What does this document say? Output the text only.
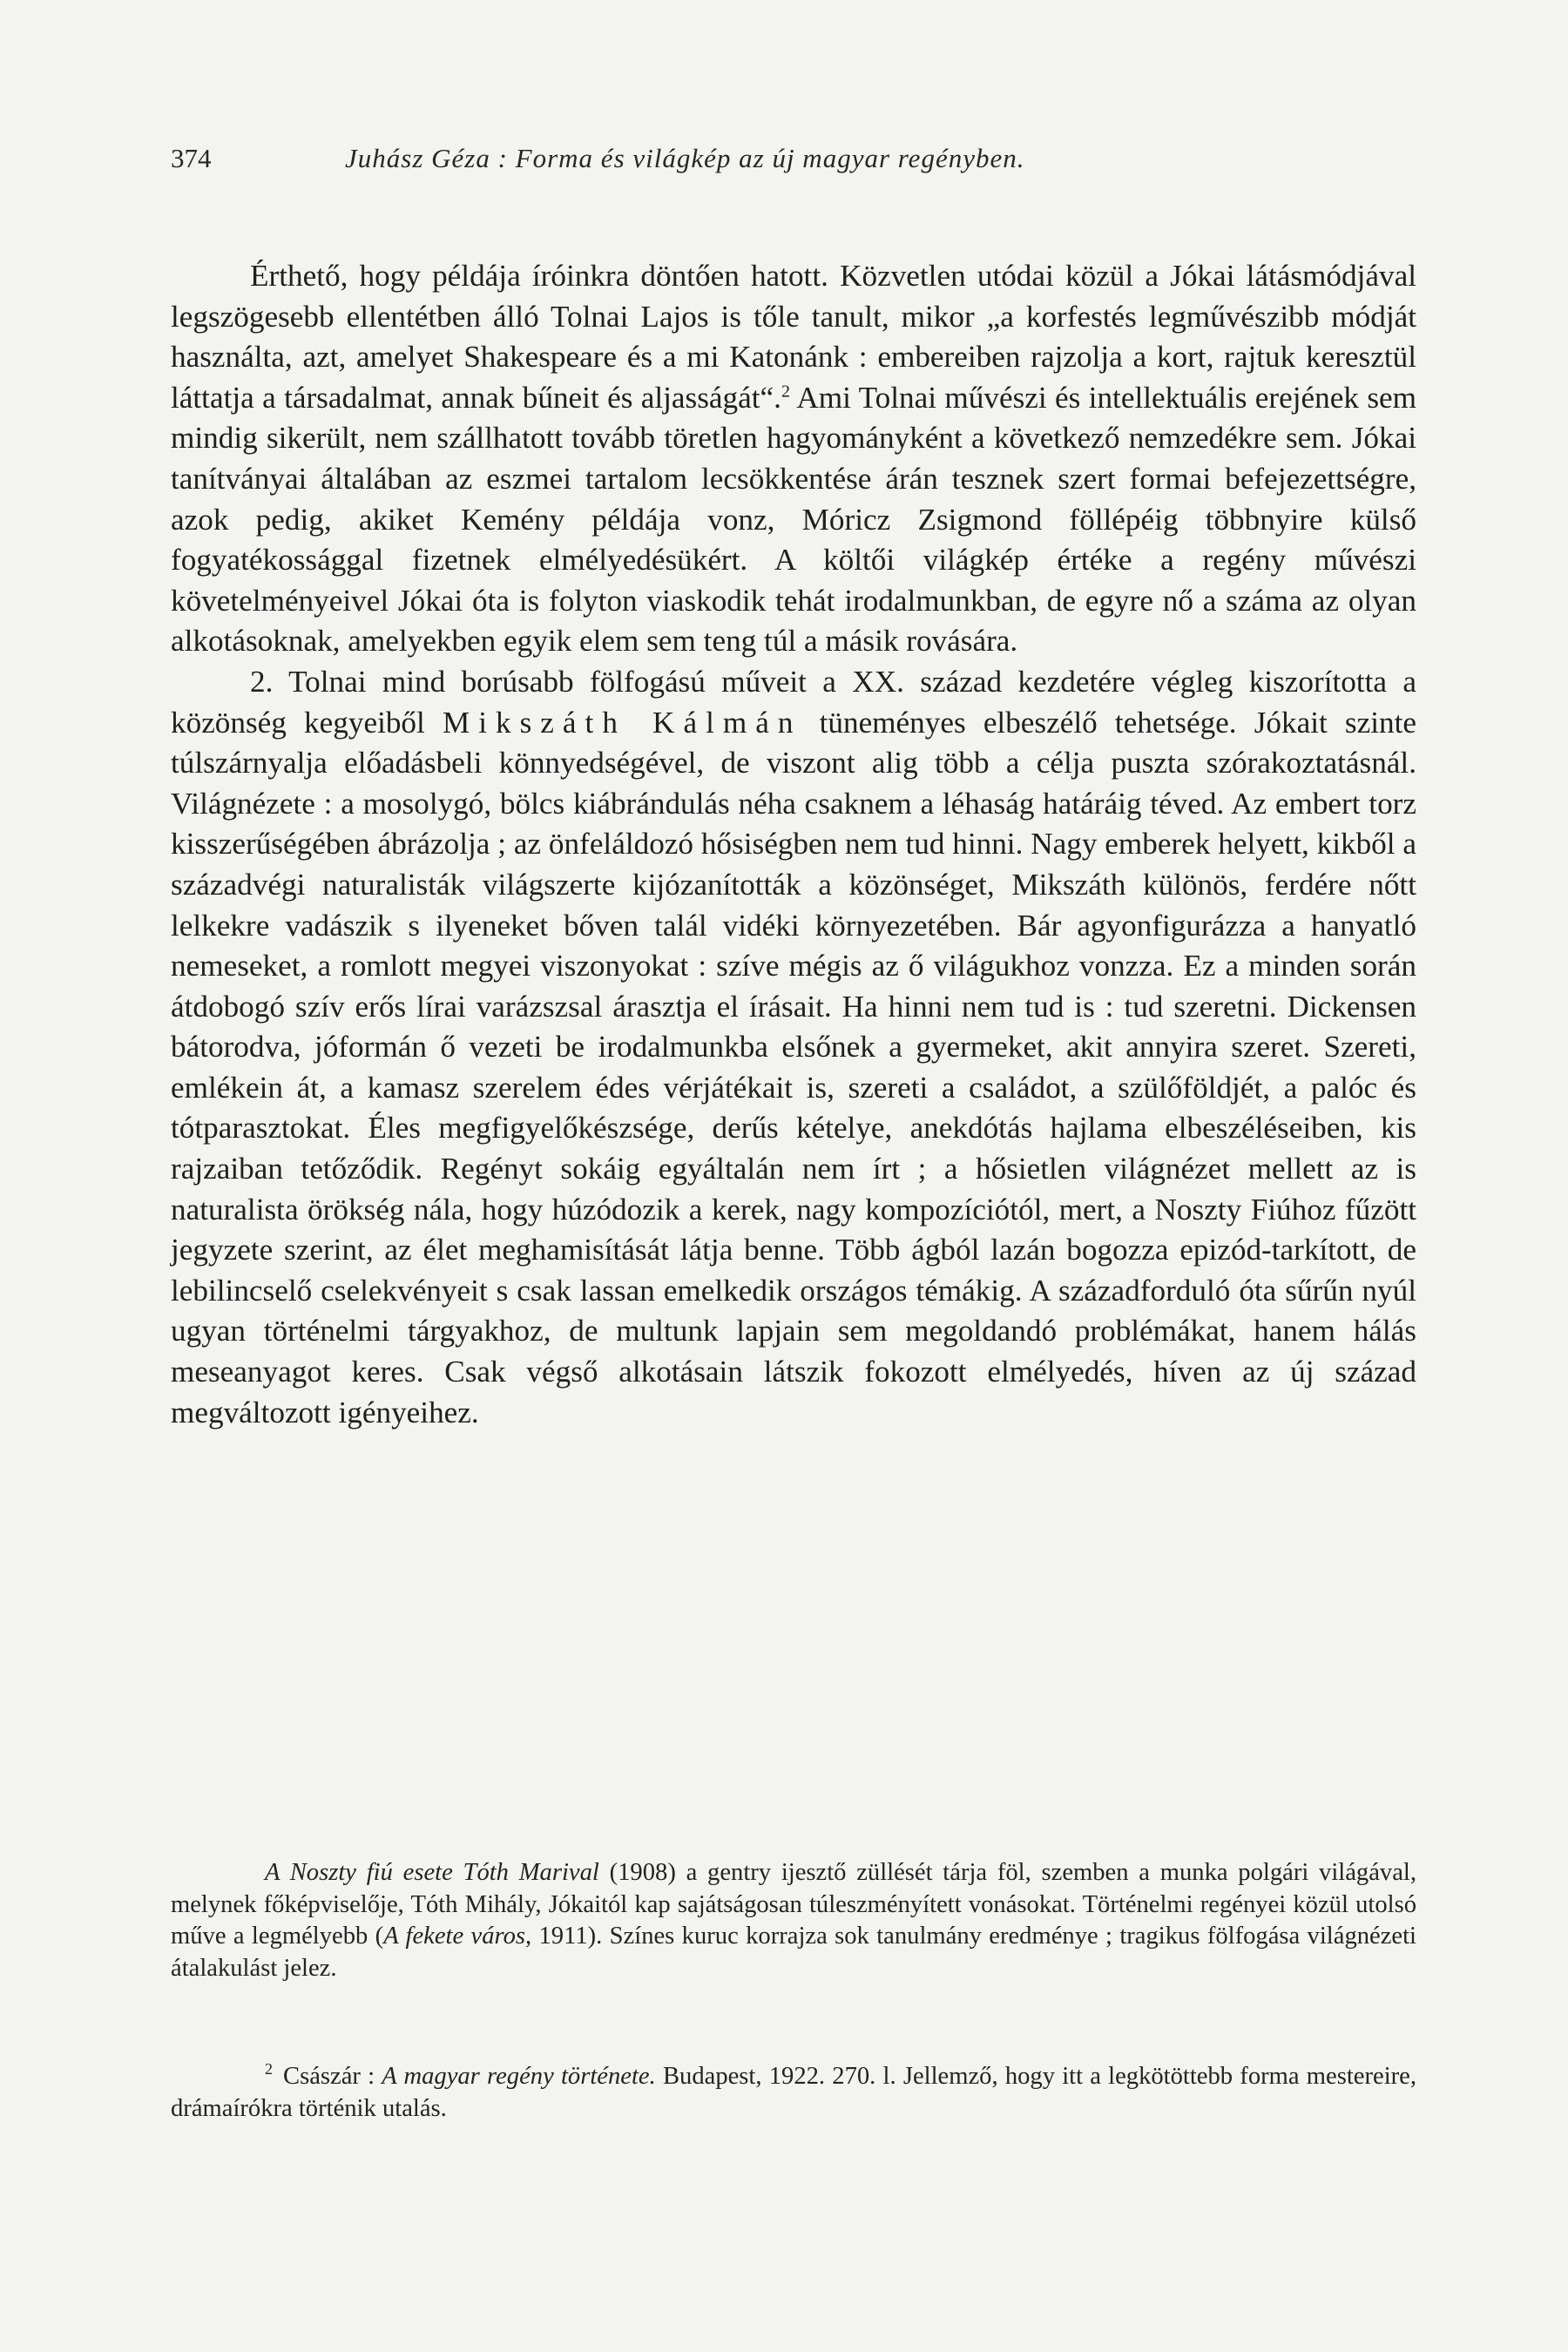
374	Juhász Géza : Forma és világkép az új magyar regényben.

Érthető, hogy példája íróinkra döntően hatott. Közvetlen utódai közül a Jókai látásmódjával legszögesebb ellentétben álló Tolnai Lajos is tőle tanult, mikor „a korfestés legművészibb módját használta, azt, amelyet Shakespeare és a mi Katonánk : embereiben rajzolja a kort, rajtuk keresztül láttatja a társadalmat, annak bűneit és aljasságát“.$^2$ Ami Tolnai művészi és intellektuális erejének sem mindig sikerült, nem szállhatott tovább töretlen hagyományként a következő nemzedékre sem. Jókai tanítványai általában az eszmei tartalom lecsökkentése árán tesznek szert formai befejezettségre, azok pedig, akiket Kemény példája vonz, Móricz Zsigmond föllépéig többnyire külső fogyatékossággal fizetnek elmélyedésükért. A költői világkép értéke a regény művészi követelményeivel Jókai óta is folyton viaskodik tehát irodalmunkban, de egyre nő a száma az olyan alkotásoknak, amelyekben egyik elem sem teng túl a másik rovására.

2. Tolnai mind borúsabb fölfogású műveit a XX. század kezdetére végleg kiszorította a közönség kegyeiből Mikszáth Kálmán tüneményes elbeszélő tehetsége. Jókait szinte túlszárnyalja előadásbeli könnyedségével, de viszont alig több a célja puszta szórakoztatásnál. Világnézete : a mosolygó, bölcs kiábrándulás néha csaknem a léhaság határáig téved. Az embert torz kisszerűségében ábrázolja ; az önfeláldozó hősiségben nem tud hinni. Nagy emberek helyett, kikből a századvégi naturalisták világszerte kijózanították a közönséget, Mikszáth különös, ferdére nőtt lelkekre vadászik s ilyeneket bőven talál vidéki környezetében. Bár agyonfigurázza a hanyatló nemeseket, a romlott megyei viszonyokat : szíve mégis az ő világukhoz vonzza. Ez a minden során átdobogó szív erős lírai varázszsal árasztja el írásait. Ha hinni nem tud is : tud szeretni. Dickensen bátorodva, jóformán ő vezeti be irodalmunkba elsőnek a gyermeket, akit annyira szeret. Szereti, emlékein át, a kamasz szerelem édes vérjátékait is, szereti a családot, a szülőföldjét, a palóc és tótparasztokat. Éles megfigyelőkészsége, derűs kételye, anekdótás hajlama elbeszéléseiben, kis rajzaiban tetőződik. Regényt sokáig egyáltalán nem írt ; a hősietlen világnézet mellett az is naturalista örökség nála, hogy húzódozik a kerek, nagy kompozíciótól, mert, a Noszty Fiúhoz fűzött jegyzete szerint, az élet meghamisítását látja benne. Több ágból lazán bogozza epizód-tarkított, de lebilincselő cselekvényeit s csak lassan emelkedik országos témákig. A századforduló óta sűrűn nyúl ugyan történelmi tárgyakhoz, de multunk lapjain sem megoldandó problémákat, hanem hálás meseanyagot keres. Csak végső alkotásain látszik fokozott elmélyedés, híven az új század megváltozott igényeihez.

A Noszty fiú esete Tóth Marival (1908) a gentry ijesztő züllését tárja föl, szemben a munka polgári világával, melynek főképviselője, Tóth Mihály, Jókaitól kap sajátságosan túleszményített vonásokat. Történelmi regényei közül utolsó műve a legmélyebb (A fekete város, 1911). Színes kuruc korrajza sok tanulmány eredménye ; tragikus fölfogása világnézeti átalakulást jelez.

$^2$ Császár : A magyar regény története. Budapest, 1922. 270. l. Jellemző, hogy itt a legkötöttebb forma mestereire, drámaírókra történik utalás.
